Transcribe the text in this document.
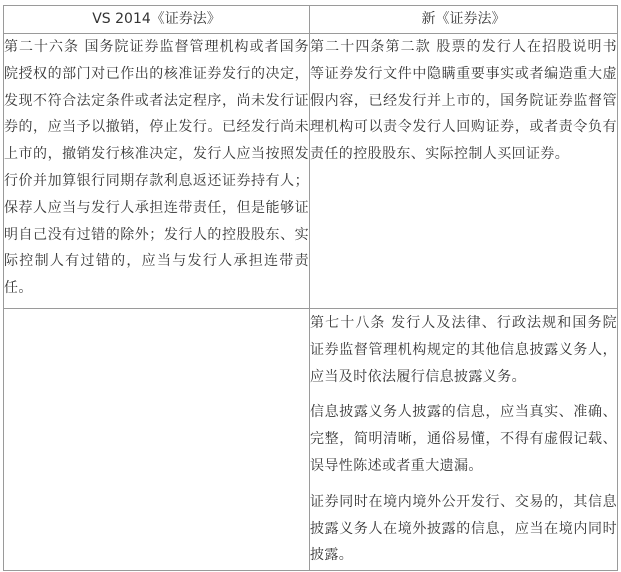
VS 2014《证券法》	新《证券法》

第二十六条 国务院证券监督管理机构或者国务院授权的部门对已作出的核准证券发行的决定，发现不符合法定条件或者法定程序，尚未发行证券的，应当予以撤销，停止发行。已经发行尚未上市的，撤销发行核准决定，发行人应当按照发行价并加算银行同期存款利息返还证券持有人；保荐人应当与发行人承担连带责任，但是能够证明自己没有过错的除外；发行人的控股股东、实际控制人有过错的，应当与发行人承担连带责任。	第二十四条第二款 股票的发行人在招股说明书等证券发行文件中隐瞒重要事实或者编造重大虚假内容，已经发行并上市的，国务院证券监督管理机构可以责令发行人回购证券，或者责令负有责任的控股股东、实际控制人买回证券。

	第七十八条 发行人及法律、行政法规和国务院证券监督管理机构规定的其他信息披露义务人，应当及时依法履行信息披露义务。

信息披露义务人披露的信息，应当真实、准确、完整，简明清晰，通俗易懂，不得有虚假记载、误导性陈述或者重大遗漏。

证券同时在境内境外公开发行、交易的，其信息披露义务人在境外披露的信息，应当在境内同时披露。
